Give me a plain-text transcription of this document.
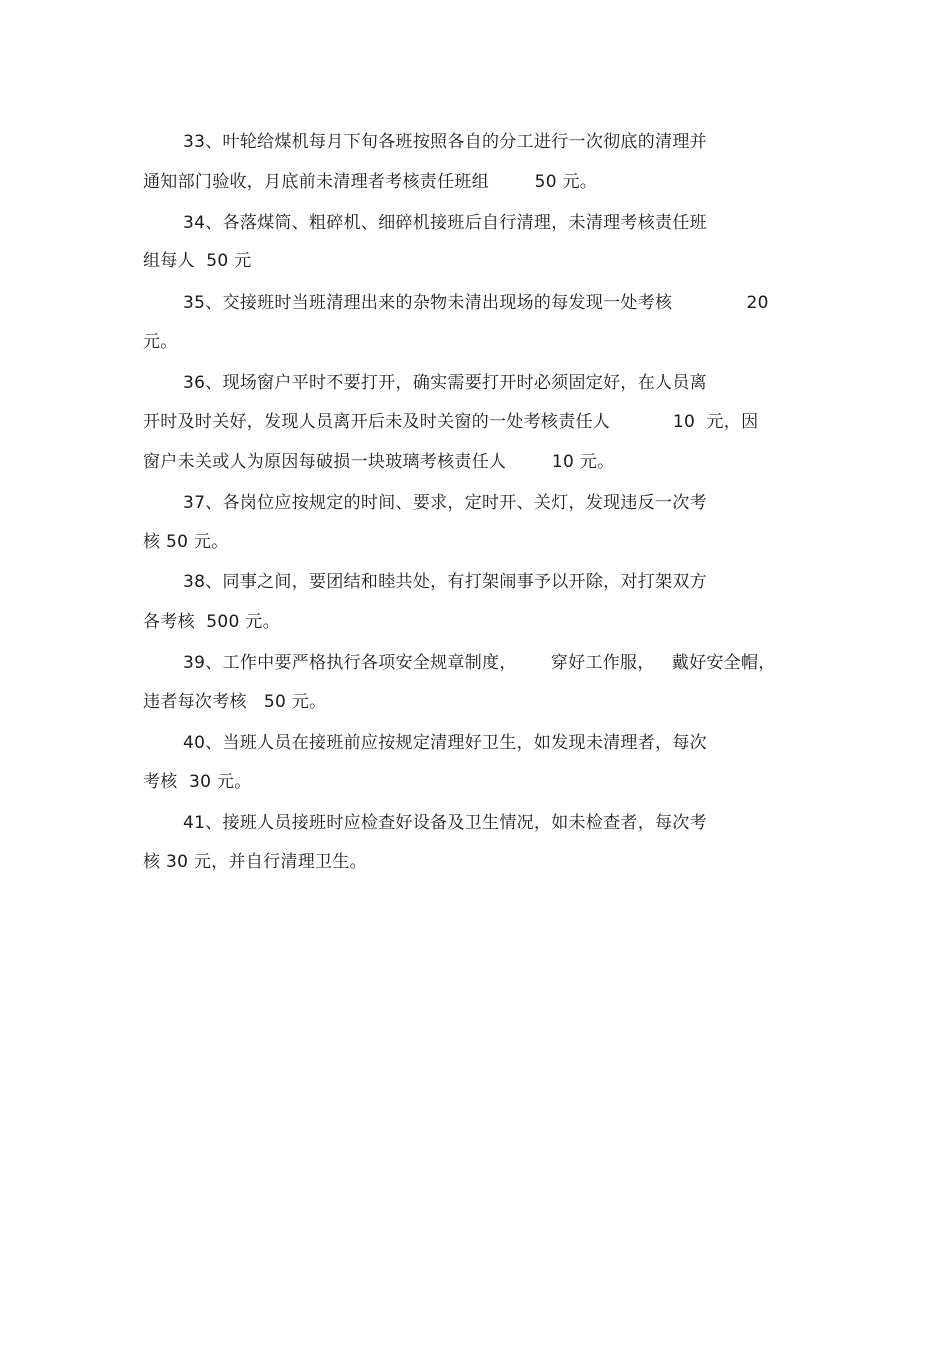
33、叶轮给煤机每月下旬各班按照各自的分工进行一次彻底的清理并
通知部门验收，月底前未清理者考核责任班组        50 元。
34、各落煤筒、粗碎机、细碎机接班后自行清理，未清理考核责任班
组每人  50 元
35、交接班时当班清理出来的杂物未清出现场的每发现一处考核             20
元。
36、现场窗户平时不要打开，确实需要打开时必须固定好，在人员离
开时及时关好，发现人员离开后未及时关窗的一处考核责任人           10  元，因
窗户未关或人为原因每破损一块玻璃考核责任人        10 元。
37、各岗位应按规定的时间、要求，定时开、关灯，发现违反一次考
核 50 元。
38、同事之间，要团结和睦共处，有打架闹事予以开除，对打架双方
各考核  500 元。
39、工作中要严格执行各项安全规章制度，      穿好工作服，   戴好安全帽，
违者每次考核   50 元。
40、当班人员在接班前应按规定清理好卫生，如发现未清理者，每次
考核  30 元。
41、接班人员接班时应检查好设备及卫生情况，如未检查者，每次考
核 30 元，并自行清理卫生。
